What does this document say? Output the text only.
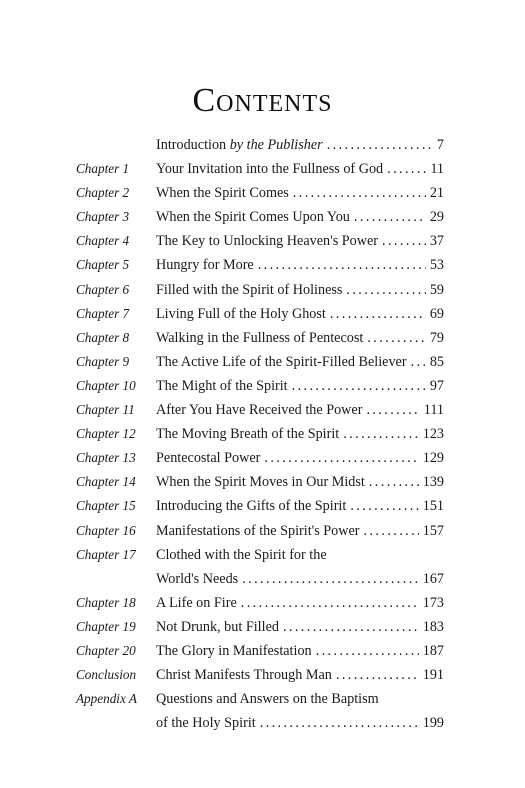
Contents
Introduction by the Publisher .....	7
Chapter 1 Your Invitation into the Fullness of God .....	11
Chapter 2 When the Spirit Comes .....	21
Chapter 3 When the Spirit Comes Upon You .....	29
Chapter 4 The Key to Unlocking Heaven's Power .....	37
Chapter 5 Hungry for More .....	53
Chapter 6 Filled with the Spirit of Holiness .....	59
Chapter 7 Living Full of the Holy Ghost .....	69
Chapter 8 Walking in the Fullness of Pentecost .....	79
Chapter 9 The Active Life of the Spirit-Filled Believer ..... 85
Chapter 10 The Might of the Spirit .....	97
Chapter 11 After You Have Received the Power .....	111
Chapter 12 The Moving Breath of the Spirit .....	123
Chapter 13 Pentecostal Power .....	129
Chapter 14 When the Spirit Moves in Our Midst .....	139
Chapter 15 Introducing the Gifts of the Spirit .....	151
Chapter 16 Manifestations of the Spirit's Power .....	157
Chapter 17 Clothed with the Spirit for the
World's Needs .....	167
Chapter 18 A Life on Fire .....	173
Chapter 19 Not Drunk, but Filled .....	183
Chapter 20 The Glory in Manifestation .....	187
Conclusion Christ Manifests Through Man .....	191
Appendix A Questions and Answers on the Baptism
of the Holy Spirit .....	199
